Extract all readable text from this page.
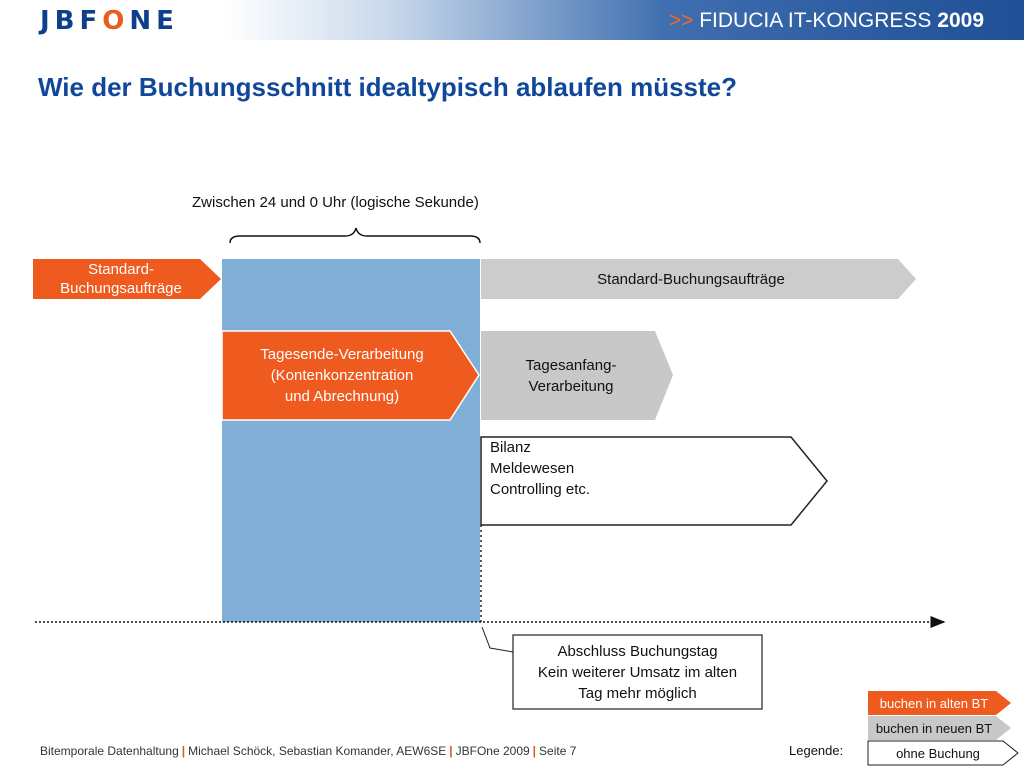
JBFONE	>> FIDUCIA IT-KONGRESS 2009
Wie der Buchungsschnitt idealtypisch ablaufen müsste?
Zwischen 24 und 0 Uhr (logische Sekunde)
Standard-
Buchungsaufträge
Standard-Buchungsaufträge
Tagesende-Verarbeitung
(Kontenkonzentration
und Abrechnung)
Tagesanfang-
Verarbeitung
Bilanz
Meldewesen
Controlling etc.
Abschluss Buchungstag
Kein weiterer Umsatz im alten
Tag mehr möglich
Legende:
buchen in alten BT
buchen in neuen BT
ohne Buchung
Bitemporale Datenhaltung | Michael Schöck, Sebastian Komander, AEW6SE | JBFOne 2009 | Seite 7
